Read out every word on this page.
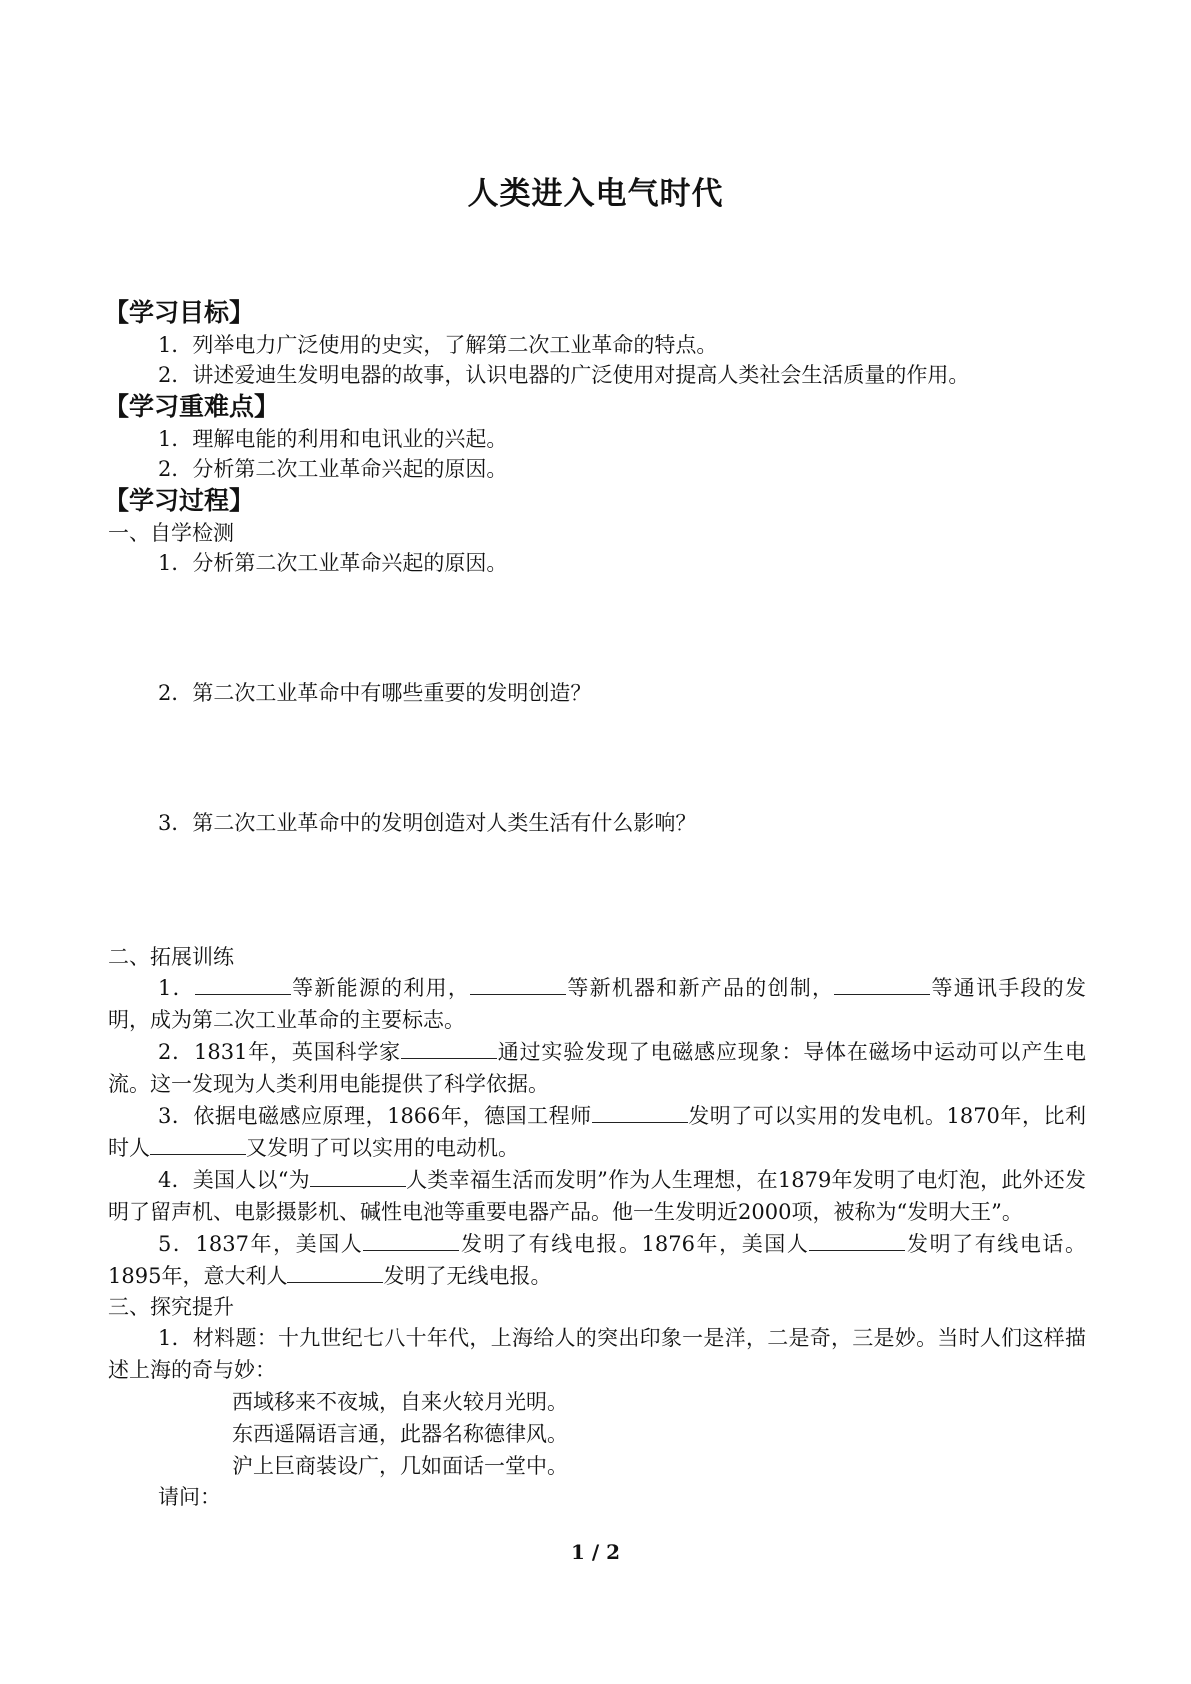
人类进入电气时代

【学习目标】

1．列举电力广泛使用的史实，了解第二次工业革命的特点。

2．讲述爱迪生发明电器的故事，认识电器的广泛使用对提高人类社会生活质量的作用。

【学习重难点】

1．理解电能的利用和电讯业的兴起。

2．分析第二次工业革命兴起的原因。

【学习过程】

一、自学检测

1．分析第二次工业革命兴起的原因。

2．第二次工业革命中有哪些重要的发明创造？

3．第二次工业革命中的发明创造对人类生活有什么影响？

二、拓展训练

1．	等新能源的利用，	等新机器和新产品的创制，	等通讯手段的发明，成为第二次工业革命的主要标志。

2．1831年，英国科学家	通过实验发现了电磁感应现象：导体在磁场中运动可以产生电流。这一发现为人类利用电能提供了科学依据。

3．依据电磁感应原理，1866年，德国工程师	发明了可以实用的发电机。1870年，比利时人	又发明了可以实用的电动机。

4．美国人以“为	人类幸福生活而发明”作为人生理想，在1879年发明了电灯泡，此外还发明了留声机、电影摄影机、碱性电池等重要电器产品。他一生发明近2000项，被称为“发明大王”。

5．1837年，美国人	发明了有线电报。1876年，美国人	发明了有线电话。1895年，意大利人	发明了无线电报。

三、探究提升

1．材料题：十九世纪七八十年代，上海给人的突出印象一是洋，二是奇，三是妙。当时人们这样描述上海的奇与妙：

西域移来不夜城，自来火较月光明。

东西遥隔语言通，此器名称德律风。

沪上巨商装设广，几如面话一堂中。

请问：

1 / 2
